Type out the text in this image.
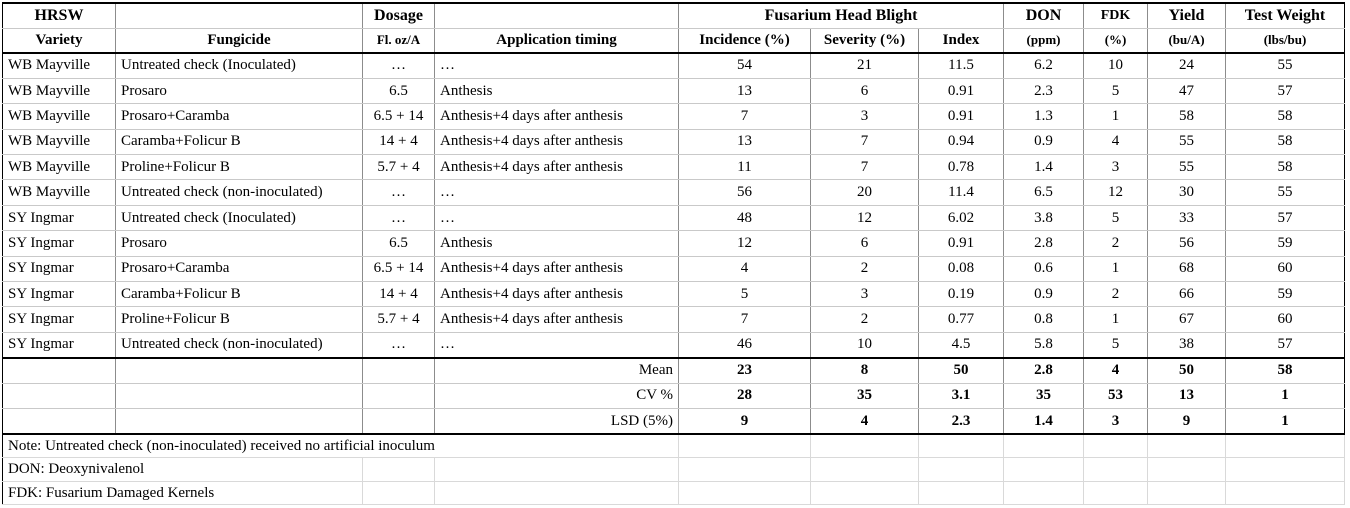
HRSW		Dosage		Fusarium Head Blight			DON	FDK	Yield	Test Weight
Variety	Fungicide	Fl. oz/A	Application timing	Incidence (%)	Severity (%)	Index	(ppm)	(%)	(bu/A)	(lbs/bu)
WB Mayville	Untreated check (Inoculated)	…	…	54	21	11.5	6.2	10	24	55
WB Mayville	Prosaro	6.5	Anthesis	13	6	0.91	2.3	5	47	57
WB Mayville	Prosaro+Caramba	6.5 + 14	Anthesis+4 days after anthesis	7	3	0.91	1.3	1	58	58
WB Mayville	Caramba+Folicur B	14 + 4	Anthesis+4 days after anthesis	13	7	0.94	0.9	4	55	58
WB Mayville	Proline+Folicur B	5.7 + 4	Anthesis+4 days after anthesis	11	7	0.78	1.4	3	55	58
WB Mayville	Untreated check (non-inoculated)	…	…	56	20	11.4	6.5	12	30	55
SY Ingmar	Untreated check (Inoculated)	…	…	48	12	6.02	3.8	5	33	57
SY Ingmar	Prosaro	6.5	Anthesis	12	6	0.91	2.8	2	56	59
SY Ingmar	Prosaro+Caramba	6.5 + 14	Anthesis+4 days after anthesis	4	2	0.08	0.6	1	68	60
SY Ingmar	Caramba+Folicur B	14 + 4	Anthesis+4 days after anthesis	5	3	0.19	0.9	2	66	59
SY Ingmar	Proline+Folicur B	5.7 + 4	Anthesis+4 days after anthesis	7	2	0.77	0.8	1	67	60
SY Ingmar	Untreated check (non-inoculated)	…	…	46	10	4.5	5.8	5	38	57
			Mean	23	8	50	2.8	4	50	58
			CV %	28	35	3.1	35	53	13	1
			LSD (5%)	9	4	2.3	1.4	3	9	1
Note: Untreated check (non-inoculated) received no artificial inoculum										
DON: Deoxynivalenol										
FDK: Fusarium Damaged Kernels										
